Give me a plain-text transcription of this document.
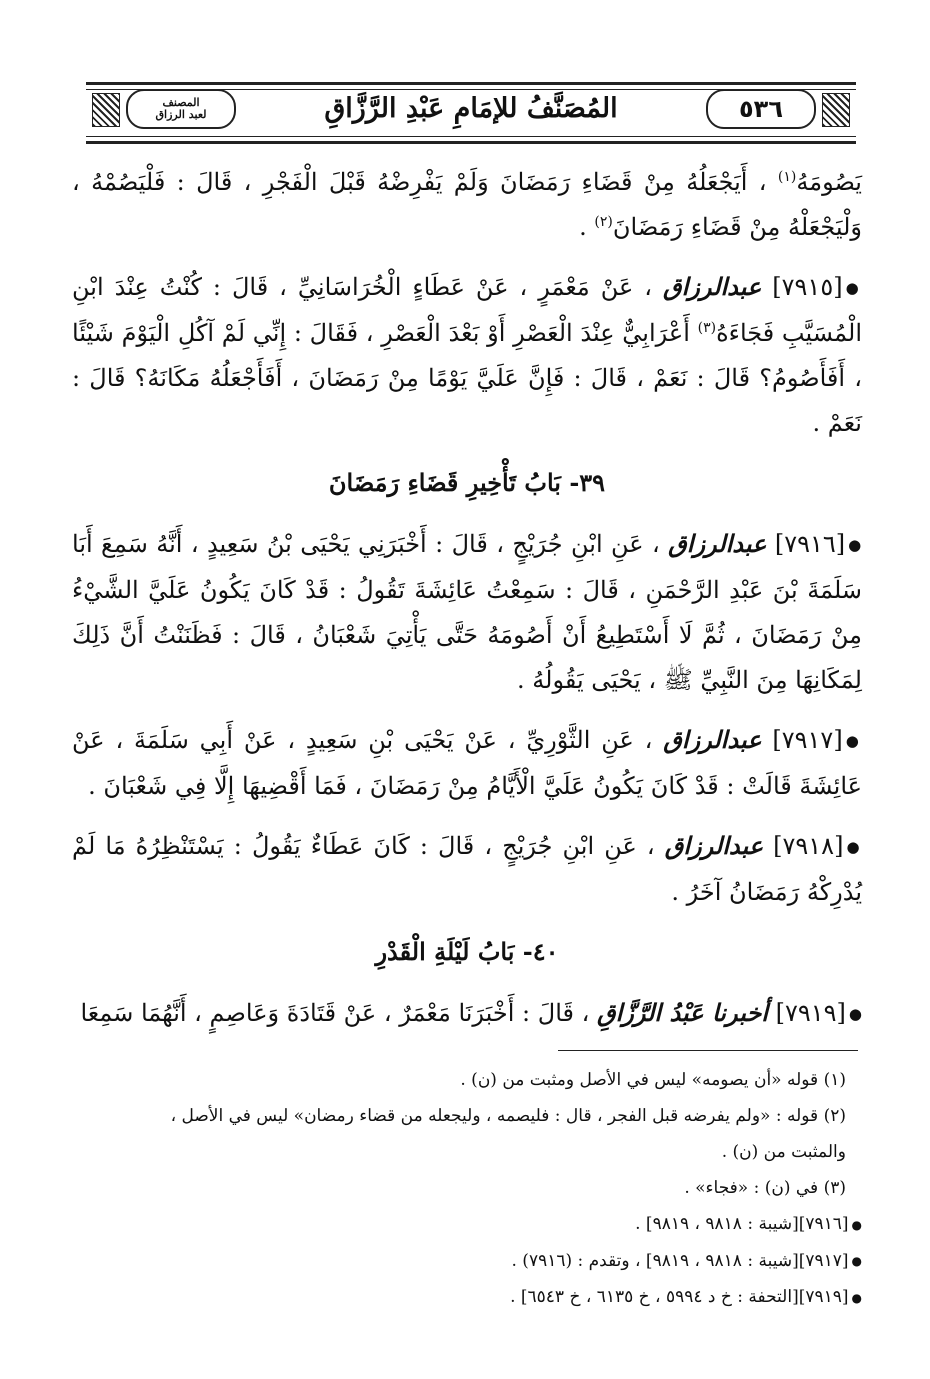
المصنف
لعبد الرزاق	المُصَنَّفُ للإمَامِ عَبْدِ الرَّزَّاقِ	٥٣٦

يَصُومَهُ$^{(١)}$ ، أَيَجْعَلُهُ مِنْ قَضَاءِ رَمَضَانَ وَلَمْ يَفْرِضْهُ قَبْلَ الْفَجْرِ ، قَالَ : فَلْيَصُمْهُ ، وَلْيَجْعَلْهُ مِنْ قَضَاءِ رَمَضَانَ$^{(٢)}$ .

●[٧٩١٥] عبدالرزاق ، عَنْ مَعْمَرٍ ، عَنْ عَطَاءٍ الْخُرَاسَانِيِّ ، قَالَ : كُنْتُ عِنْدَ ابْنِ الْمُسَيَّبِ فَجَاءَهُ$^{(٣)}$ أَعْرَابِيٌّ عِنْدَ الْعَصْرِ أَوْ بَعْدَ الْعَصْرِ ، فَقَالَ : إِنِّي لَمْ آكُلِ الْيَوْمَ شَيْئًا ، أَفَأَصُومُ؟ قَالَ : نَعَمْ ، قَالَ : فَإِنَّ عَلَيَّ يَوْمًا مِنْ رَمَضَانَ ، أَفَأَجْعَلُهُ مَكَانَهُ؟ قَالَ : نَعَمْ .

٣٩- بَابُ تَأْخِيرِ قَضَاءِ رَمَضَانَ

●[٧٩١٦] عبدالرزاق ، عَنِ ابْنِ جُرَيْجٍ ، قَالَ : أَخْبَرَنِي يَحْيَى بْنُ سَعِيدٍ ، أَنَّهُ سَمِعَ أَبَا سَلَمَةَ بْنَ عَبْدِ الرَّحْمَنِ ، قَالَ : سَمِعْتُ عَائِشَةَ تَقُولُ : قَدْ كَانَ يَكُونُ عَلَيَّ الشَّيْءُ مِنْ رَمَضَانَ ، ثُمَّ لَا أَسْتَطِيعُ أَنْ أَصُومَهُ حَتَّى يَأْتِيَ شَعْبَانُ ، قَالَ : فَظَنَنْتُ أَنَّ ذَلِكَ لِمَكَانِهَا مِنَ النَّبِيِّ ﷺ ، يَحْيَى يَقُولُهُ .

●[٧٩١٧] عبدالرزاق ، عَنِ الثَّوْرِيِّ ، عَنْ يَحْيَى بْنِ سَعِيدٍ ، عَنْ أَبِي سَلَمَةَ ، عَنْ عَائِشَةَ قَالَتْ : قَدْ كَانَ يَكُونُ عَلَيَّ الْأَيَّامُ مِنْ رَمَضَانَ ، فَمَا أَقْضِيهَا إِلَّا فِي شَعْبَانَ .

●[٧٩١٨] عبدالرزاق ، عَنِ ابْنِ جُرَيْجٍ ، قَالَ : كَانَ عَطَاءٌ يَقُولُ : يَسْتَنْظِرُهُ مَا لَمْ يُدْرِكْهُ رَمَضَانُ آخَرُ .

٤٠- بَابُ لَيْلَةِ الْقَدْرِ

●[٧٩١٩] أخبرنا عَبْدُ الرَّزَّاقِ ، قَالَ : أَخْبَرَنَا مَعْمَرٌ ، عَنْ قَتَادَةَ وَعَاصِمٍ ، أَنَّهُمَا سَمِعَا

(١) قوله «أن يصومه» ليس في الأصل ومثبت من (ن) .

(٢) قوله : «ولم يفرضه قبل الفجر ، قال : فليصمه ، وليجعله من قضاء رمضان» ليس في الأصل ،

والمثبت من (ن) .

(٣) في (ن) : «فجاء» .

●[٧٩١٦][شيبة : ٩٨١٨ ، ٩٨١٩] .

●[٧٩١٧][شيبة : ٩٨١٨ ، ٩٨١٩] ، وتقدم : (٧٩١٦) .

●[٧٩١٩][التحفة : خ د ٥٩٩٤ ، خ ٦١٣٥ ، خ ٦٥٤٣] .
